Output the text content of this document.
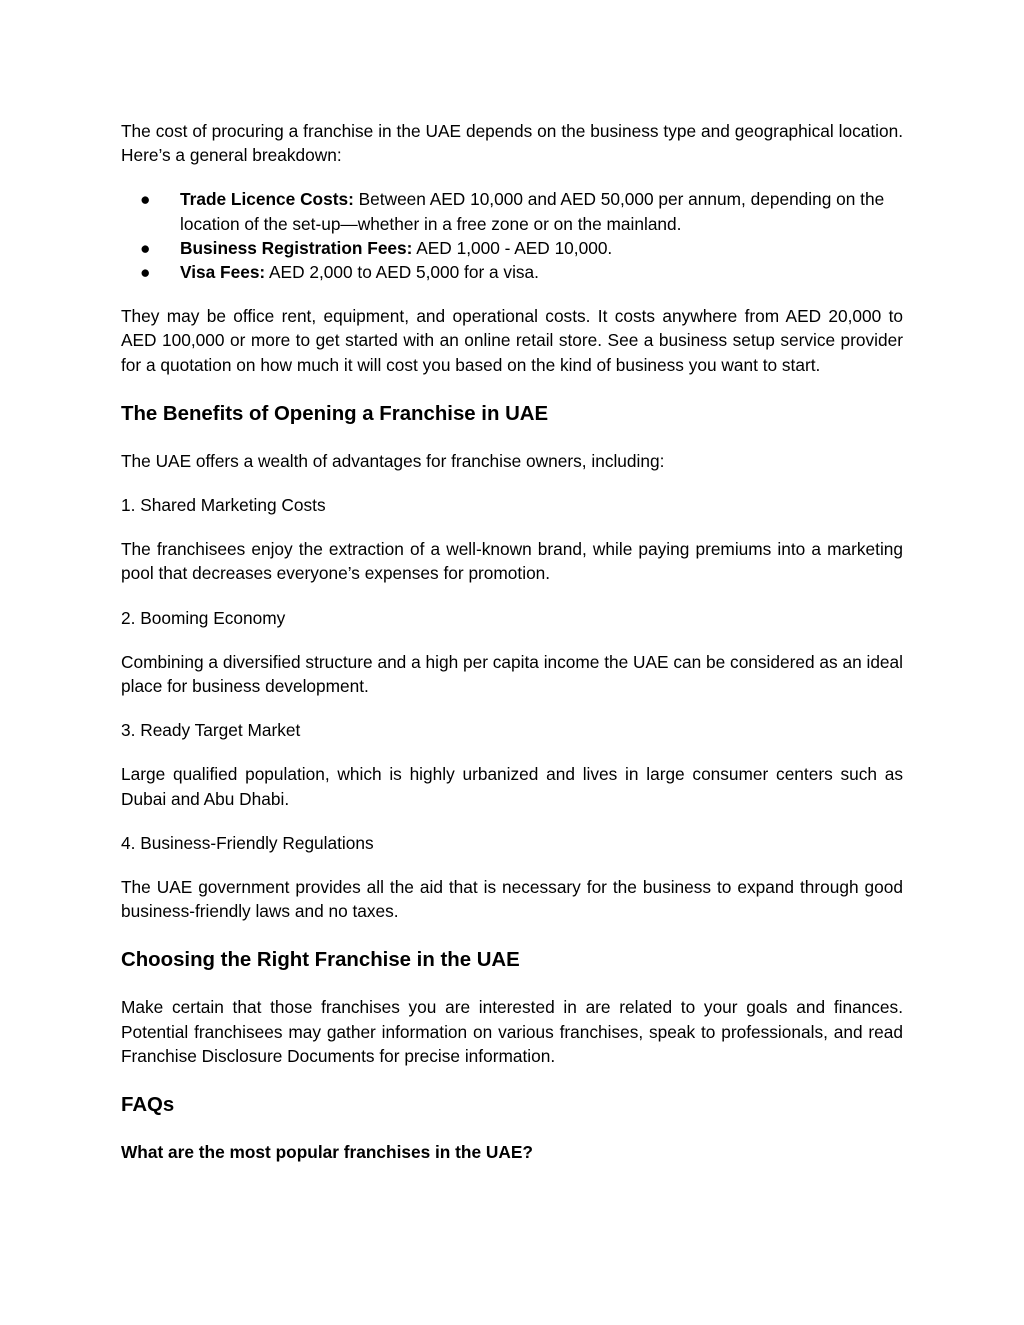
The cost of procuring a franchise in the UAE depends on the business type and geographical location. Here’s a general breakdown:

● Trade Licence Costs: Between AED 10,000 and AED 50,000 per annum, depending on the location of the set-up—whether in a free zone or on the mainland.
● Business Registration Fees: AED 1,000 - AED 10,000.
● Visa Fees: AED 2,000 to AED 5,000 for a visa.

They may be office rent, equipment, and operational costs. It costs anywhere from AED 20,000 to AED 100,000 or more to get started with an online retail store. See a business setup service provider for a quotation on how much it will cost you based on the kind of business you want to start.

The Benefits of Opening a Franchise in UAE

The UAE offers a wealth of advantages for franchise owners, including:

1. Shared Marketing Costs

The franchisees enjoy the extraction of a well-known brand, while paying premiums into a marketing pool that decreases everyone’s expenses for promotion.

2. Booming Economy

Combining a diversified structure and a high per capita income the UAE can be considered as an ideal place for business development.

3. Ready Target Market

Large qualified population, which is highly urbanized and lives in large consumer centers such as Dubai and Abu Dhabi.

4. Business-Friendly Regulations

The UAE government provides all the aid that is necessary for the business to expand through good business-friendly laws and no taxes.

Choosing the Right Franchise in the UAE

Make certain that those franchises you are interested in are related to your goals and finances. Potential franchisees may gather information on various franchises, speak to professionals, and read Franchise Disclosure Documents for precise information.

FAQs

What are the most popular franchises in the UAE?
